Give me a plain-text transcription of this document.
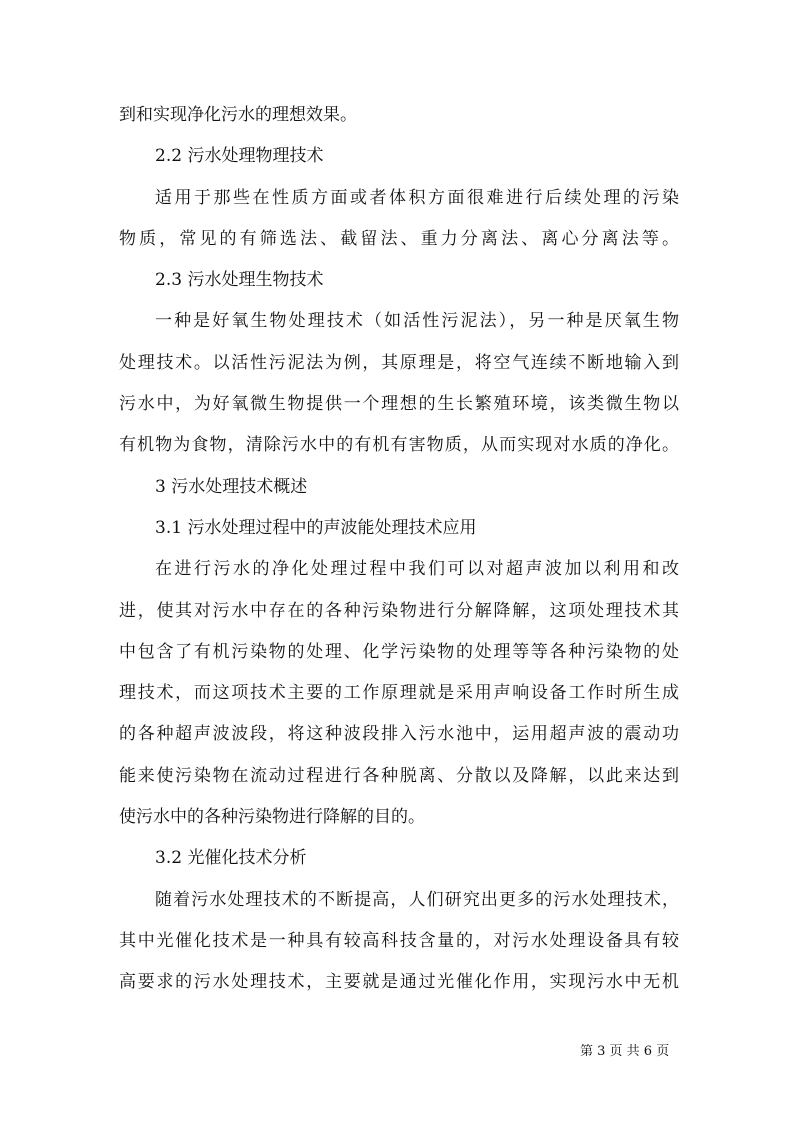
到和实现净化污水的理想效果。
2.2 污水处理物理技术
适用于那些在性质方面或者体积方面很难进行后续处理的污染
物质，常见的有筛选法、截留法、重力分离法、离心分离法等。
2.3 污水处理生物技术
一种是好氧生物处理技术（如活性污泥法），另一种是厌氧生物
处理技术。以活性污泥法为例，其原理是，将空气连续不断地输入到
污水中，为好氧微生物提供一个理想的生长繁殖环境，该类微生物以
有机物为食物，清除污水中的有机有害物质，从而实现对水质的净化。
3 污水处理技术概述
3.1 污水处理过程中的声波能处理技术应用
在进行污水的净化处理过程中我们可以对超声波加以利用和改
进，使其对污水中存在的各种污染物进行分解降解，这项处理技术其
中包含了有机污染物的处理、化学污染物的处理等等各种污染物的处
理技术，而这项技术主要的工作原理就是采用声响设备工作时所生成
的各种超声波波段，将这种波段排入污水池中，运用超声波的震动功
能来使污染物在流动过程进行各种脱离、分散以及降解，以此来达到
使污水中的各种污染物进行降解的目的。
3.2 光催化技术分析
随着污水处理技术的不断提高，人们研究出更多的污水处理技术，
其中光催化技术是一种具有较高科技含量的，对污水处理设备具有较
高要求的污水处理技术，主要就是通过光催化作用，实现污水中无机
第 3 页 共 6 页
